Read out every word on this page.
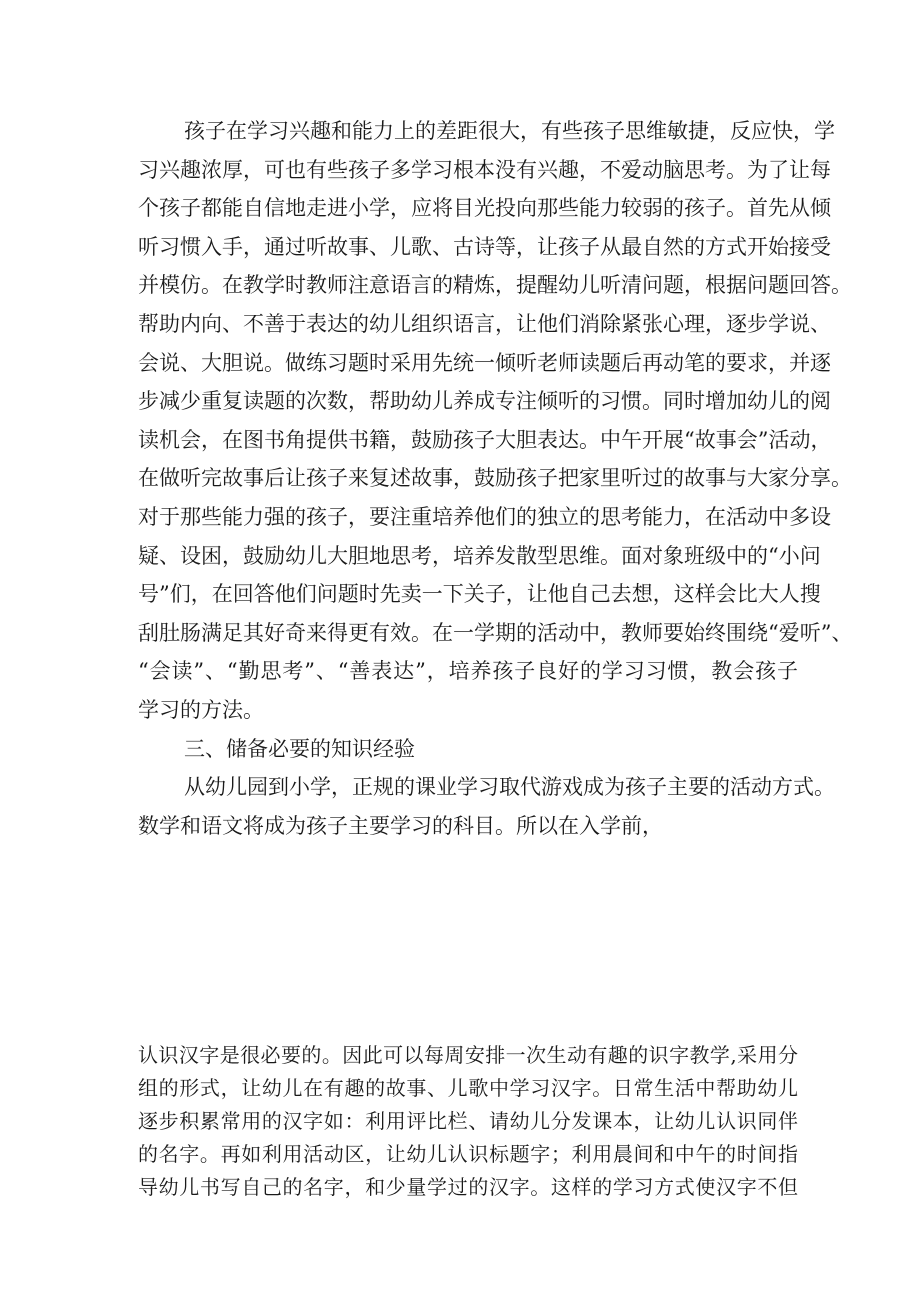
孩子在学习兴趣和能力上的差距很大，有些孩子思维敏捷，反应快，学
习兴趣浓厚，可也有些孩子多学习根本没有兴趣，不爱动脑思考。为了让每
个孩子都能自信地走进小学，应将目光投向那些能力较弱的孩子。首先从倾
听习惯入手，通过听故事、儿歌、古诗等，让孩子从最自然的方式开始接受
并模仿。在教学时教师注意语言的精炼，提醒幼儿听清问题，根据问题回答。
帮助内向、不善于表达的幼儿组织语言，让他们消除紧张心理，逐步学说、
会说、大胆说。做练习题时采用先统一倾听老师读题后再动笔的要求，并逐
步减少重复读题的次数，帮助幼儿养成专注倾听的习惯。同时增加幼儿的阅
读机会，在图书角提供书籍，鼓励孩子大胆表达。中午开展“故事会”活动，
在做听完故事后让孩子来复述故事，鼓励孩子把家里听过的故事与大家分享。
对于那些能力强的孩子，要注重培养他们的独立的思考能力，在活动中多设
疑、设困，鼓励幼儿大胆地思考，培养发散型思维。面对象班级中的“小问
号”们，在回答他们问题时先卖一下关子，让他自己去想，这样会比大人搜
刮肚肠满足其好奇来得更有效。在一学期的活动中，教师要始终围绕“爱听”、
“会读”、“勤思考”、“善表达”，培养孩子良好的学习习惯，教会孩子
学习的方法。
三、储备必要的知识经验
从幼儿园到小学，正规的课业学习取代游戏成为孩子主要的活动方式。
数学和语文将成为孩子主要学习的科目。所以在入学前，
认识汉字是很必要的。因此可以每周安排一次生动有趣的识字教学,采用分
组的形式，让幼儿在有趣的故事、儿歌中学习汉字。日常生活中帮助幼儿
逐步积累常用的汉字如：利用评比栏、请幼儿分发课本，让幼儿认识同伴
的名字。再如利用活动区，让幼儿认识标题字；利用晨间和中午的时间指
导幼儿书写自己的名字，和少量学过的汉字。这样的学习方式使汉字不但
